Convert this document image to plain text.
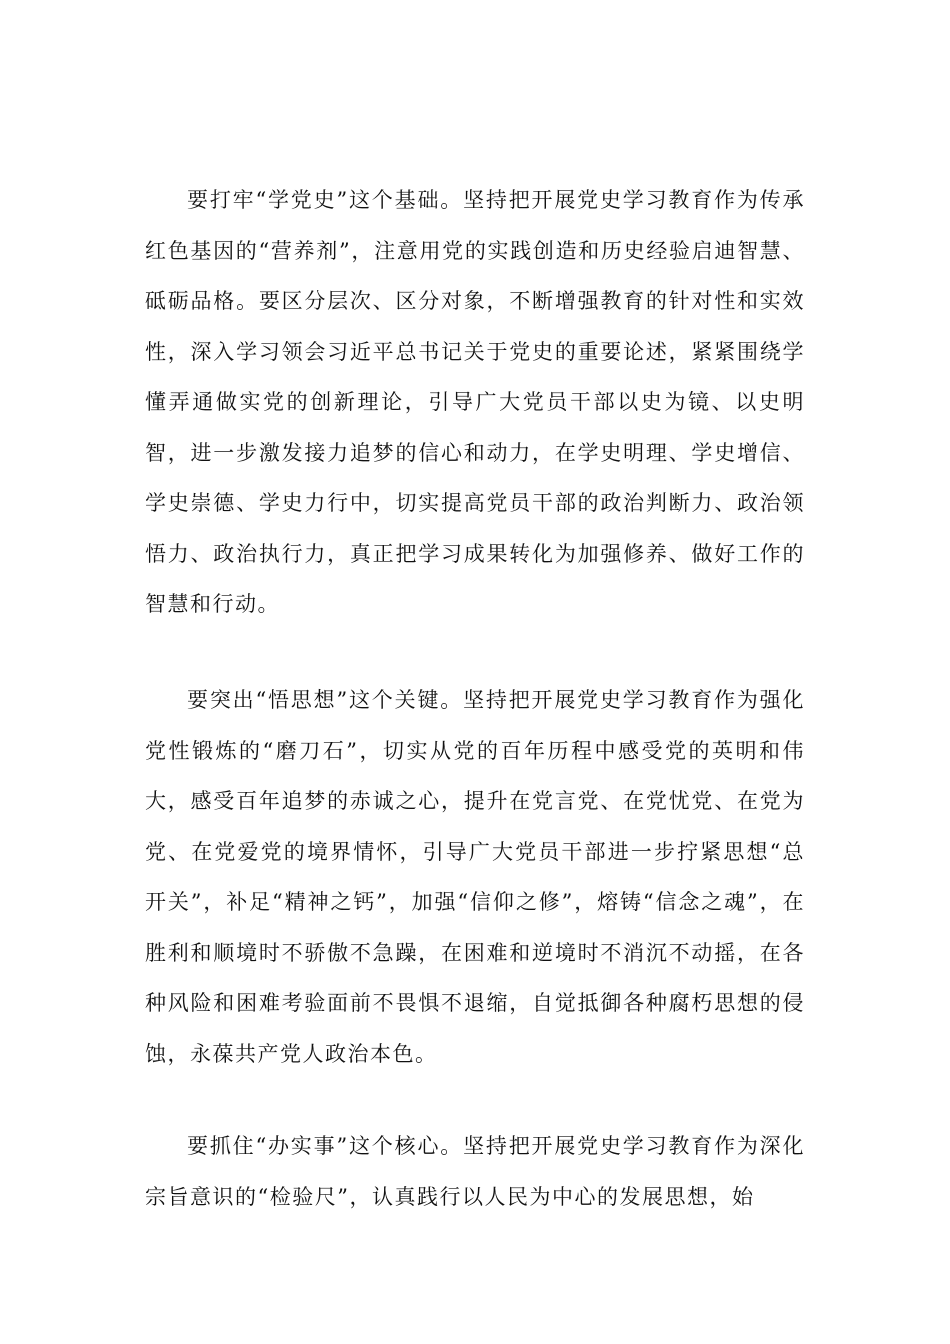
要打牢“学党史”这个基础。坚持把开展党史学习教育作为传承红色基因的“营养剂”，注意用党的实践创造和历史经验启迪智慧、砥砺品格。要区分层次、区分对象，不断增强教育的针对性和实效性，深入学习领会习近平总书记关于党史的重要论述，紧紧围绕学懂弄通做实党的创新理论，引导广大党员干部以史为镜、以史明智，进一步激发接力追梦的信心和动力，在学史明理、学史增信、学史崇德、学史力行中，切实提高党员干部的政治判断力、政治领悟力、政治执行力，真正把学习成果转化为加强修养、做好工作的智慧和行动。

要突出“悟思想”这个关键。坚持把开展党史学习教育作为强化党性锻炼的“磨刀石”，切实从党的百年历程中感受党的英明和伟大，感受百年追梦的赤诚之心，提升在党言党、在党忧党、在党为党、在党爱党的境界情怀，引导广大党员干部进一步拧紧思想“总开关”，补足“精神之钙”，加强“信仰之修”，熔铸“信念之魂”，在胜利和顺境时不骄傲不急躁，在困难和逆境时不消沉不动摇，在各种风险和困难考验面前不畏惧不退缩，自觉抵御各种腐朽思想的侵蚀，永葆共产党人政治本色。

要抓住“办实事”这个核心。坚持把开展党史学习教育作为深化宗旨意识的“检验尺”，认真践行以人民为中心的发展思想，始
